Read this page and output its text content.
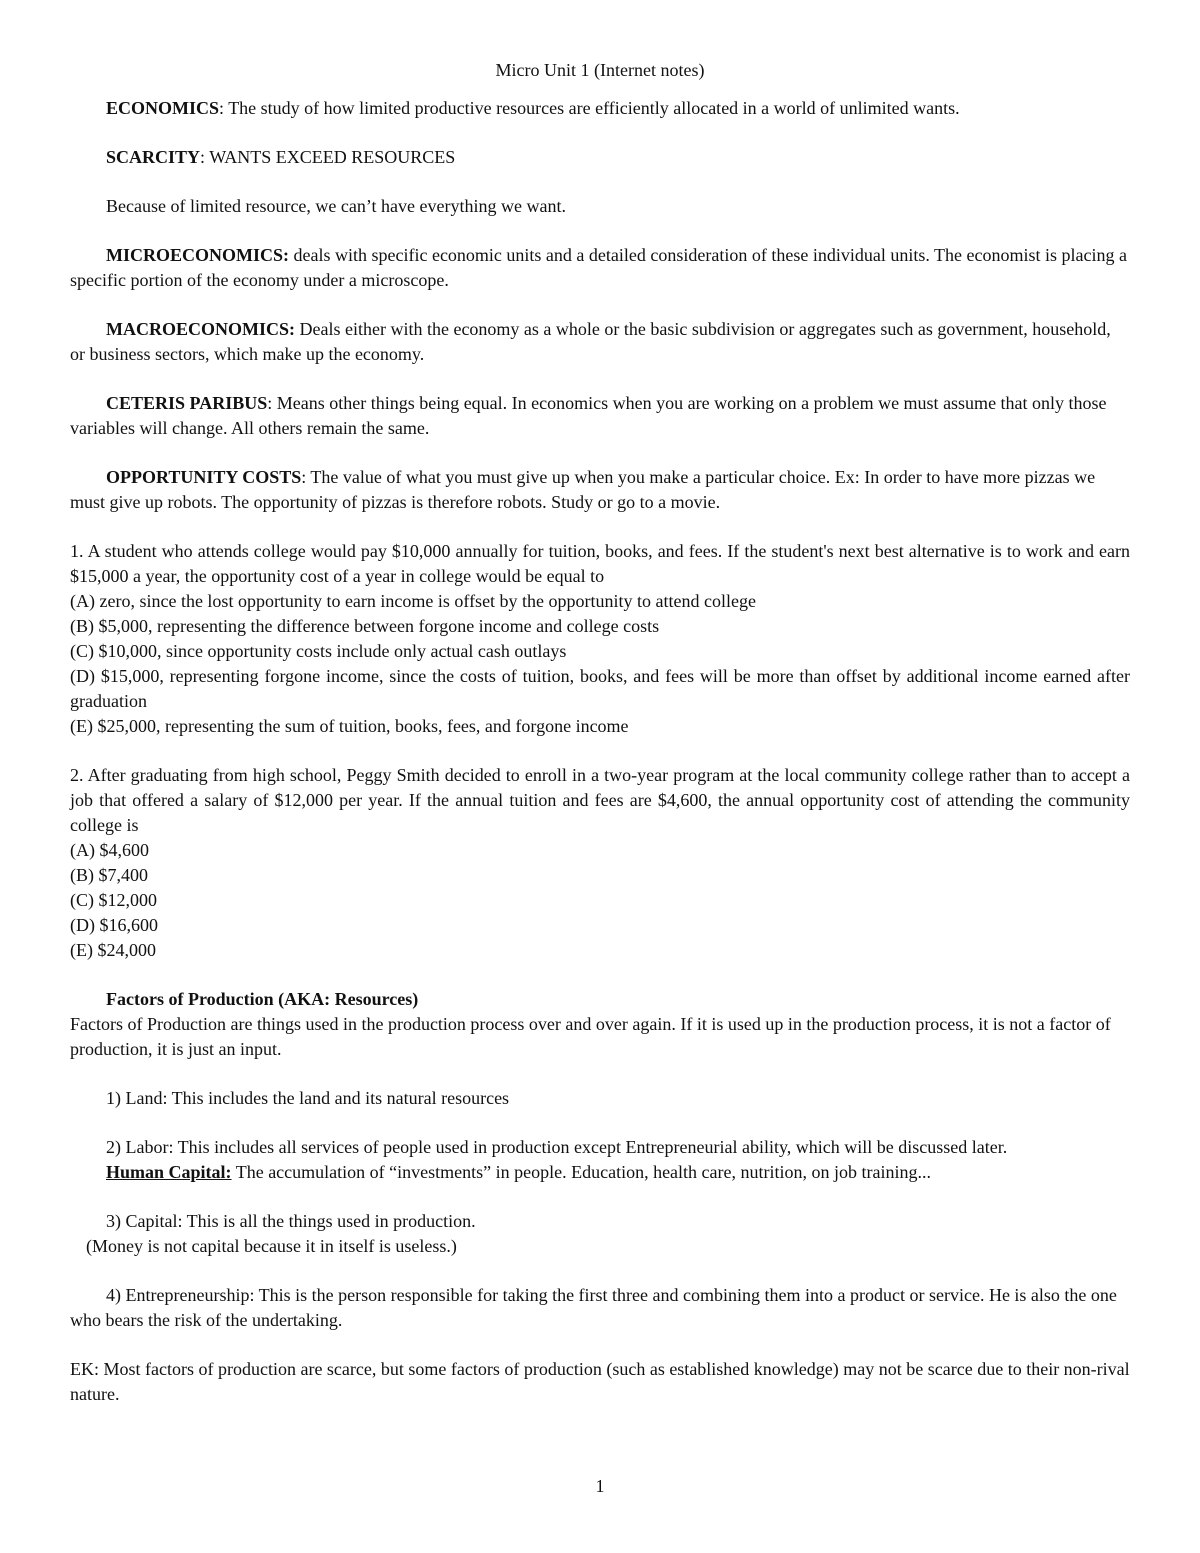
Micro Unit 1 (Internet notes)

ECONOMICS: The study of how limited productive resources are efficiently allocated in a world of unlimited wants.

SCARCITY: WANTS EXCEED RESOURCES

Because of limited resource, we can’t have everything we want.

MICROECONOMICS: deals with specific economic units and a detailed consideration of these individual units. The economist is placing a specific portion of the economy under a microscope.

MACROECONOMICS: Deals either with the economy as a whole or the basic subdivision or aggregates such as government, household, or business sectors, which make up the economy.

CETERIS PARIBUS: Means other things being equal. In economics when you are working on a problem we must assume that only those variables will change. All others remain the same.

OPPORTUNITY COSTS: The value of what you must give up when you make a particular choice. Ex: In order to have more pizzas we must give up robots. The opportunity of pizzas is therefore robots. Study or go to a movie.

1. A student who attends college would pay $10,000 annually for tuition, books, and fees. If the student's next best alternative is to work and earn $15,000 a year, the opportunity cost of a year in college would be equal to

(A) zero, since the lost opportunity to earn income is offset by the opportunity to attend college

(B) $5,000, representing the difference between forgone income and college costs

(C) $10,000, since opportunity costs include only actual cash outlays

(D) $15,000, representing forgone income, since the costs of tuition, books, and fees will be more than offset by additional income earned after graduation

(E) $25,000, representing the sum of tuition, books, fees, and forgone income

2. After graduating from high school, Peggy Smith decided to enroll in a two-year program at the local community college rather than to accept a job that offered a salary of $12,000 per year. If the annual tuition and fees are $4,600, the annual opportunity cost of attending the community college is

(A) $4,600

(B) $7,400

(C) $12,000

(D) $16,600

(E) $24,000

Factors of Production (AKA: Resources)

Factors of Production are things used in the production process over and over again. If it is used up in the production process, it is not a factor of production, it is just an input.

1) Land: This includes the land and its natural resources

2) Labor: This includes all services of people used in production except Entrepreneurial ability, which will be discussed later.

Human Capital: The accumulation of “investments” in people. Education, health care, nutrition, on job training...

3) Capital: This is all the things used in production.

(Money is not capital because it in itself is useless.)

4) Entrepreneurship: This is the person responsible for taking the first three and combining them into a product or service. He is also the one who bears the risk of the undertaking.

EK: Most factors of production are scarce, but some factors of production (such as established knowledge) may not be scarce due to their non-rival nature.

1
